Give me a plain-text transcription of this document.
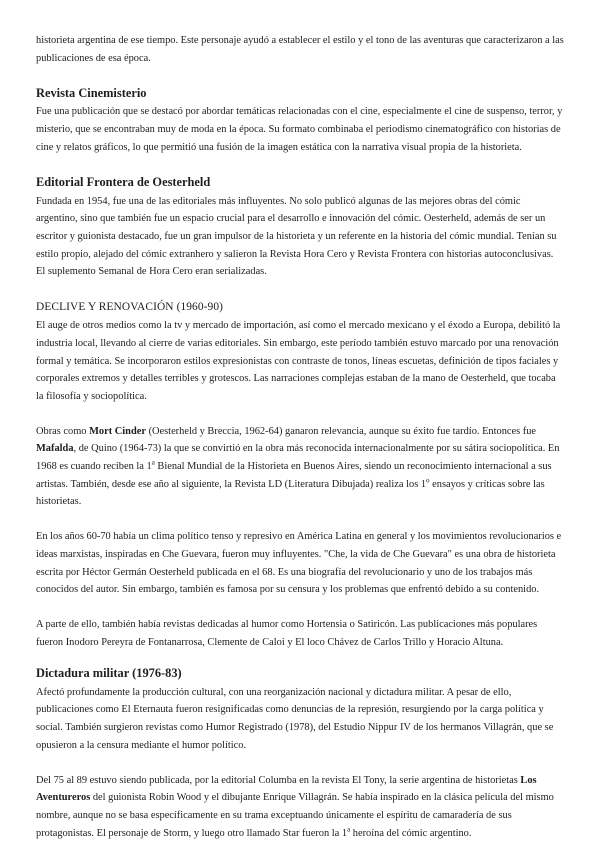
historieta argentina de ese tiempo. Este personaje ayudó a establecer el estilo y el tono de las aventuras que caracterizaron a las publicaciones de esa época.

Revista Cinemisterio

Fue una publicación que se destacó por abordar temáticas relacionadas con el cine, especialmente el cine de suspenso, terror, y misterio, que se encontraban muy de moda en la época. Su formato combinaba el periodismo cinematográfico con historias de cine y relatos gráficos, lo que permitió una fusión de la imagen estática con la narrativa visual propia de la historieta.

Editorial Frontera de Oesterheld

Fundada en 1954, fue una de las editoriales más influyentes. No solo publicó algunas de las mejores obras del cómic argentino, sino que también fue un espacio crucial para el desarrollo e innovación del cómic. Oesterheld, además de ser un escritor y guionista destacado, fue un gran impulsor de la historieta y un referente en la historia del cómic mundial. Tenían su estilo propio, alejado del cómic extranhero y salieron la Revista Hora Cero y Revista Frontera con historias autoconclusivas. El suplemento Semanal de Hora Cero eran serializadas.

DECLIVE Y RENOVACIÓN (1960-90)

El auge de otros medios como la tv y mercado de importación, así como el mercado mexicano y el éxodo a Europa, debilitó la industria local, llevando al cierre de varias editoriales. Sin embargo, este período también estuvo marcado por una renovación formal y temática. Se incorporaron estilos expresionistas con contraste de tonos, líneas escuetas, definición de tipos faciales y corporales extremos y detalles terribles y grotescos. Las narraciones complejas estaban de la mano de Oesterheld, que tocaba la filosofía y sociopolítica.

Obras como Mort Cinder (Oesterheld y Breccia, 1962-64) ganaron relevancia, aunque su éxito fue tardío. Entonces fue Mafalda, de Quino (1964-73) la que se convirtió en la obra más reconocida internacionalmente por su sátira sociopolítica. En 1968 es cuando reciben la 1$^a$ Bienal Mundial de la Historieta en Buenos Aires, siendo un reconocimiento internacional a sus artistas. También, desde ese año al siguiente, la Revista LD (Literatura Dibujada) realiza los 1$^o$ ensayos y críticas sobre las historietas.

En los años 60-70 había un clima político tenso y represivo en América Latina en general y los movimientos revolucionarios e ideas marxistas, inspiradas en Che Guevara, fueron muy influyentes. "Che, la vida de Che Guevara" es una obra de historieta escrita por Héctor Germán Oesterheld publicada en el 68. Es una biografía del revolucionario y uno de los trabajos más conocidos del autor. Sin embargo, también es famosa por su censura y los problemas que enfrentó debido a su contenido.

A parte de ello, también había revistas dedicadas al humor como Hortensia o Satiricón. Las publicaciones más populares fueron Inodoro Pereyra de Fontanarrosa, Clemente de Caloi y El loco Chávez de Carlos Trillo y Horacio Altuna.

Dictadura militar (1976-83)

Afectó profundamente la producción cultural, con una reorganización nacional y dictadura militar. A pesar de ello, publicaciones como El Eternauta fueron resignificadas como denuncias de la represión, resurgiendo por la carga política y social. También surgieron revistas como Humor Registrado (1978), del Estudio Nippur IV de los hermanos Villagrán, que se opusieron a la censura mediante el humor político.

Del 75 al 89 estuvo siendo publicada, por la editorial Columba en la revista El Tony, la serie argentina de historietas Los Aventureros del guionista Robin Wood y el dibujante Enrique Villagrán. Se había inspirado en la clásica película del mismo nombre, aunque no se basa específicamente en su trama exceptuando únicamente el espíritu de camaradería de sus protagonistas. El personaje de Storm, y luego otro llamado Star fueron la 1$^a$ heroína del cómic argentino.
